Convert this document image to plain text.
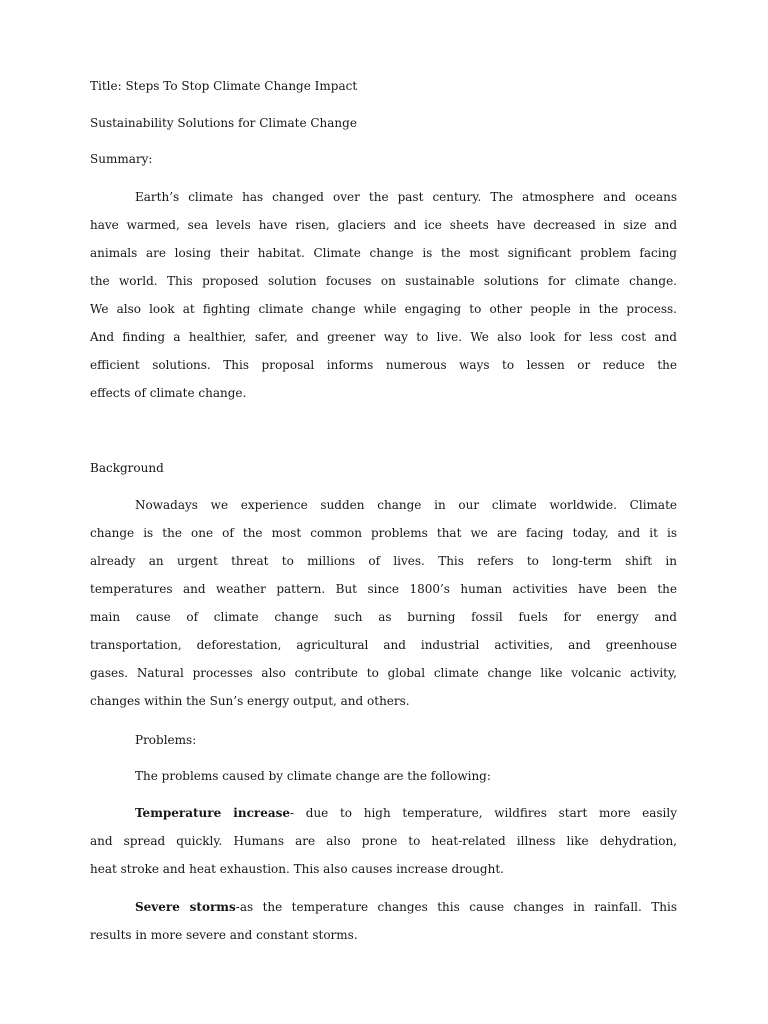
Title: Steps To Stop Climate Change Impact
Sustainability Solutions for Climate Change
Summary:
Earth’s climate has changed over the past century. The atmosphere and oceans
have warmed, sea levels have risen, glaciers and ice sheets have decreased in size and
animals are losing their habitat. Climate change is the most significant problem facing
the world. This proposed solution focuses on sustainable solutions for climate change.
We also look at fighting climate change while engaging to other people in the process.
And finding a healthier, safer, and greener way to live. We also look for less cost and
efficient solutions. This proposal informs numerous ways to lessen or reduce the
effects of climate change.
Background
Nowadays we experience sudden change in our climate worldwide. Climate
change is the one of the most common problems that we are facing today, and it is
already an urgent threat to millions of lives. This refers to long-term shift in
temperatures and weather pattern. But since 1800’s human activities have been the
main cause of climate change such as burning fossil fuels for energy and
transportation, deforestation, agricultural and industrial activities, and greenhouse
gases. Natural processes also contribute to global climate change like volcanic activity,
changes within the Sun’s energy output, and others.
Problems:
The problems caused by climate change are the following:
Temperature increase- due to high temperature, wildfires start more easily
and spread quickly. Humans are also prone to heat-related illness like dehydration,
heat stroke and heat exhaustion. This also causes increase drought.
Severe storms-as the temperature changes this cause changes in rainfall. This
results in more severe and constant storms.
